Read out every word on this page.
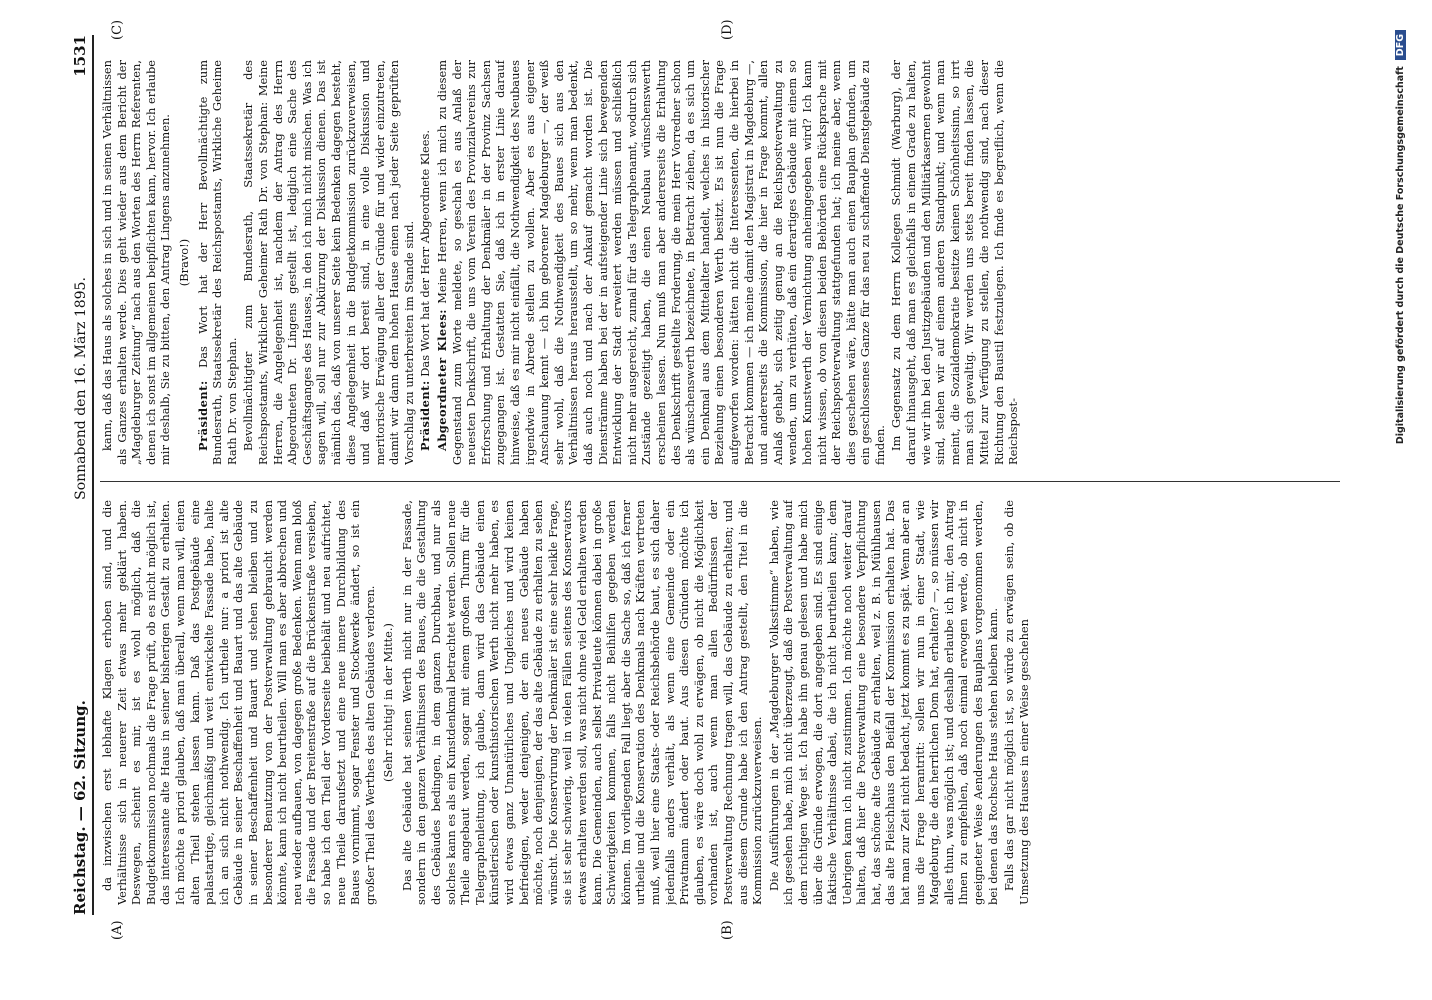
Reichstag. — 62. Sitzung.
Sonnabend den 16. März 1895.
1531
(A)	(B)
(C)	(D)

da inzwischen erst lebhafte Klagen erhoben sind, und die Verhältnisse sich in neuerer Zeit etwas mehr geklärt haben. Deswegen, scheint es mir, ist es wohl möglich, daß die Budgetkommission nochmals die Frage prüft, ob es nicht möglich ist, das interessante alte Haus in seiner bisherigen Gestalt zu erhalten. Ich möchte a priori glauben, daß man überall, wenn man will, einen alten Theil stehen lassen kann. Daß das Postgebäude eine palastartige, gleichmäßig und weit entwickelte Fassade habe, halte ich an sich nicht nothwendig. Ich urtheile nur: a priori ist alte Gebäude in seiner Beschaffenheit und Bauart und das alte Gebäude in seiner Beschaffenheit und Bauart und stehen bleiben und zu besonderer Benutzung von der Postverwaltung gebraucht werden könnte, kann ich nicht beurtheilen. Will man es aber abbrechen und neu wieder aufbauen, von dagegen große Bedenken. Wenn man bloß die Fassade und der Breitenstraße auf die Brückenstraße versieben, so habe ich den Theil der Vorderseite beibehält und neu aufrichtet, neue Theile daraufsetzt und eine neue innere Durchbildung des Baues vornimmt, sogar Fenster und Stockwerke ändert, so ist ein großer Theil des Werthes des alten Gebäudes verloren. (Sehr richtig! in der Mitte.) Das alte Gebäude hat seinen Werth nicht nur in der Fassade, sondern in den ganzen Verhältnissen des Baues, die die Gestaltung des Gebäudes bedingen, in dem ganzen Durchbau, und nur als solches kann es als ein Kunstdenkmal betrachtet werden. Sollen neue Theile angebaut werden, sogar mit einem großen Thurm für die Telegraphenleitung, ich glaube, dann wird das Gebäude einen künstlerischen oder kunsthistorischen Werth nicht mehr haben, es wird etwas ganz Unnatürliches und Ungleiches und wird keinen befriedigen, weder denjenigen, der ein neues Gebäude haben möchte, noch denjenigen, der das alte Gebäude zu erhalten zu sehen wünscht. Die Konservirung der Denkmäler ist eine sehr heikle Frage, sie ist sehr schwierig, weil in vielen Fällen seitens des Konservators etwas erhalten werden soll, was nicht ohne viel Geld erhalten werden kann. Die Gemeinden, auch selbst Privatleute können dabei in große Schwierigkeiten kommen, falls nicht Beihilfen gegeben werden können. Im vorliegenden Fall liegt aber die Sache so, daß ich ferner urtheile und die Konservation des Denkmals nach Kräften vertreten muß, weil hier eine Staats- oder Reichsbehörde baut, es sich daher jedenfalls anders verhält, als wenn eine Gemeinde oder ein Privatmann ändert oder baut. Aus diesen Gründen möchte ich glauben, es wäre doch wohl zu erwägen, ob nicht die Möglichkeit vorhanden ist, auch wenn man allen Bedürfnissen der Postverwaltung Rechnung tragen will, das Gebäude zu erhalten; und aus diesem Grunde habe ich den Antrag gestellt, den Titel in die Kommission zurückzuverweisen. Die Ausführungen in der „Magdeburger Volksstimme“ haben, wie ich gesehen habe, mich nicht überzeugt, daß die Postverwaltung auf dem richtigen Wege ist. Ich habe ihn genau gelesen und habe mich über die Gründe erwogen, die dort angegeben sind. Es sind einige faktische Verhältnisse dabei, die ich nicht beurtheilen kann; dem Uebrigen kann ich nicht zustimmen. Ich möchte noch weiter darauf halten, daß hier die Postverwaltung eine besondere Verpflichtung hat, das schöne alte Gebäude zu erhalten, weil z. B. in Mühlhausen das alte Fleischhaus den Beifall der Kommission erhalten hat. Das hat man zur Zeit nicht bedacht, jetzt kommt es zu spät. Wenn aber an uns die Frage herantritt: sollen wir nun in einer Stadt, wie Magdeburg, die den herrlichen Dom hat, erhalten? —, so müssen wir alles thun, was möglich ist; und deshalb erlaube ich mir, den Antrag Ihnen zu empfehlen, daß noch einmal erwogen werde, ob nicht in geeigneter Weise Aenderungen des Bauplans vorgenommen werden, bei denen das Rochsche Haus stehen bleiben kann. Falls das gar nicht möglich ist, so würde zu erwägen sein, ob die Umsetzung des Hauses in einer Weise geschehen

kann, daß das Haus als solches in sich und in seinen Verhältnissen als Ganzes erhalten werde. Dies geht wieder aus dem Bericht der „Magdeburger Zeitung“ nach aus den Worten des Herrn Referenten, denen ich sonst im allgemeinen beipflichten kann, hervor. Ich erlaube mir deshalb, Sie zu bitten, den Antrag Lingens anzunehmen. (Bravo!)

Präsident: Das Wort hat der Herr Bevollmächtigte zum Bundesrath, Staatssekretär des Reichspostamts, Wirkliche Geheime Rath Dr. von Stephan. Bevollmächtigter zum Bundesrath, Staatssekretär des Reichspostamts, Wirklicher Geheimer Rath Dr. von Stephan: Meine Herren, die Angelegenheit ist, nachdem der Antrag des Herrn Abgeordneten Dr. Lingens gestellt ist, lediglich eine Sache des Geschäftsganges des Hauses, in den ich mich nicht mischen. Was ich sagen will, soll nur zur Abkürzung der Diskussion dienen. Das ist nämlich das, daß von unserer Seite kein Bedenken dagegen besteht, diese Angelegenheit in die Budgetkommission zurückzuverweisen, und daß wir dort bereit sind, in eine volle Diskussion und meritorische Erwägung aller der Gründe für und wider einzutreten, damit wir dann dem hohen Hause einen nach jeder Seite geprüften Vorschlag zu unterbreiten im Stande sind. Präsident: Das Wort hat der Herr Abgeordnete Klees.

Abgeordneter Klees: Meine Herren, wenn ich mich zu diesem Gegenstand zum Worte meldete, so geschah es aus Anlaß der neuesten Denkschrift, die uns vom Verein des Provinzialvereins zur Erforschung und Erhaltung der Denkmäler in der Provinz Sachsen zugegangen ist. Gestatten Sie, daß ich in erster Linie darauf hinweise, daß es mir nicht einfällt, die Nothwendigkeit des Neubaues irgendwie in Abrede stellen zu wollen. Aber es aus eigener Anschauung kennt — ich bin geborener Magdeburger —, der weiß sehr wohl, daß die Nothwendigkeit des Baues sich aus den Verhältnissen heraus herausstellt, um so mehr, wenn man bedenkt, daß auch noch und nach der Ankauf gemacht worden ist. Die Dienstränme haben bei der in aufsteigender Linie sich bewegenden Entwicklung der Stadt erweitert werden müssen und schließlich nicht mehr ausgereicht, zumal für das Telegraphenamt, wodurch sich Zustände gezeitigt haben, die einen Neubau wünschenswerth erscheinen lassen. Nun muß man aber andererseits die Erhaltung des Denkschrift gestellte Forderung, die mein Herr Vorredner schon als wünschenswerth bezeichnete, in Betracht ziehen, da es sich um ein Denkmal aus dem Mittelalter handelt, welches in historischer Beziehung einen besonderen Werth besitzt. Es ist nun die Frage aufgeworfen worden: hätten nicht die Interessenten, die hierbei in Betracht kommen — ich meine damit den Magistrat in Magdeburg —, und andererseits die Kommission, die hier in Frage kommt, allen Anlaß gehabt, sich zeitig genug an die Reichspostverwaltung zu wenden, um zu verhüten, daß ein derartiges Gebäude mit einem so hohen Kunstwerth der Vernichtung anheimgegeben wird? Ich kann nicht wissen, ob von diesen beiden Behörden eine Rücksprache mit der Reichspostverwaltung stattgefunden hat; ich meine aber, wenn dies geschehen wäre, hätte man auch einen Bauplan gefunden, um ein geschlossenes Ganze für das neu zu schaffende Dienstgebäude zu finden. Im Gegensatz zu dem Herrn Kollegen Schmidt (Warburg), der darauf hinausgeht, daß man es gleichfalls in einem Grade zu halten, wie wir ihn bei den Justizgebäuden und den Militärkasernen gewohnt sind, stehen wir auf einem anderen Standpunkt; und wenn man meint, die Sozialdemokratie besitze keinen Schönheitssinn, so irrt man sich gewaltig. Wir werden uns stets bereit finden lassen, die Mittel zur Verfügung zu stellen, die nothwendig sind, nach dieser Richtung den Baustil festzulegen. Ich finde es begreiflich, wenn die Reichspost-	Digitalisierung gefördert durch die Deutsche ForschungsgemeinschaftDFG
